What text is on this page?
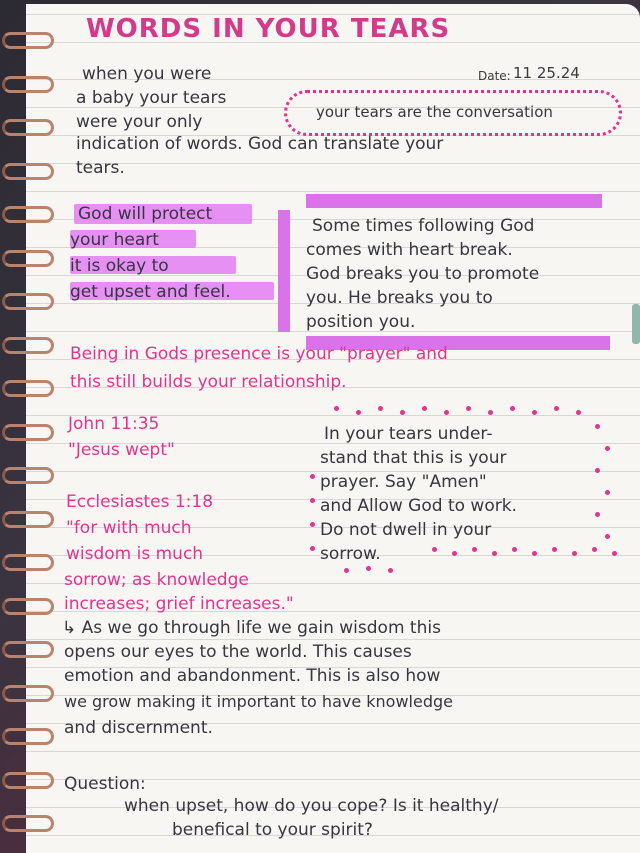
WORDS IN YOUR TEARS
Date: 11 25.24
when you were
a baby your tears
were your only
indication of words. God can translate your
tears.
your tears are the conversation
God will protect
your heart
it is okay to
get upset and feel.
Some times following God
comes with heart break.
God breaks you to promote
you. He breaks you to
position you.
Being in Gods presence is your "prayer" and
this still builds your relationship.
John 11:35
"Jesus wept"
In your tears under-
stand that this is your
prayer. Say "Amen"
and Allow God to work.
Do not dwell in your
sorrow.
Ecclesiastes 1:18
"for with much
wisdom is much
sorrow; as knowledge
increases; grief increases."
↳ As we go through life we gain wisdom this
opens our eyes to the world. This causes
emotion and abandonment. This is also how
we grow making it important to have knowledge
and discernment.
Question:
when upset, how do you cope? Is it healthy/
benefical to your spirit?
